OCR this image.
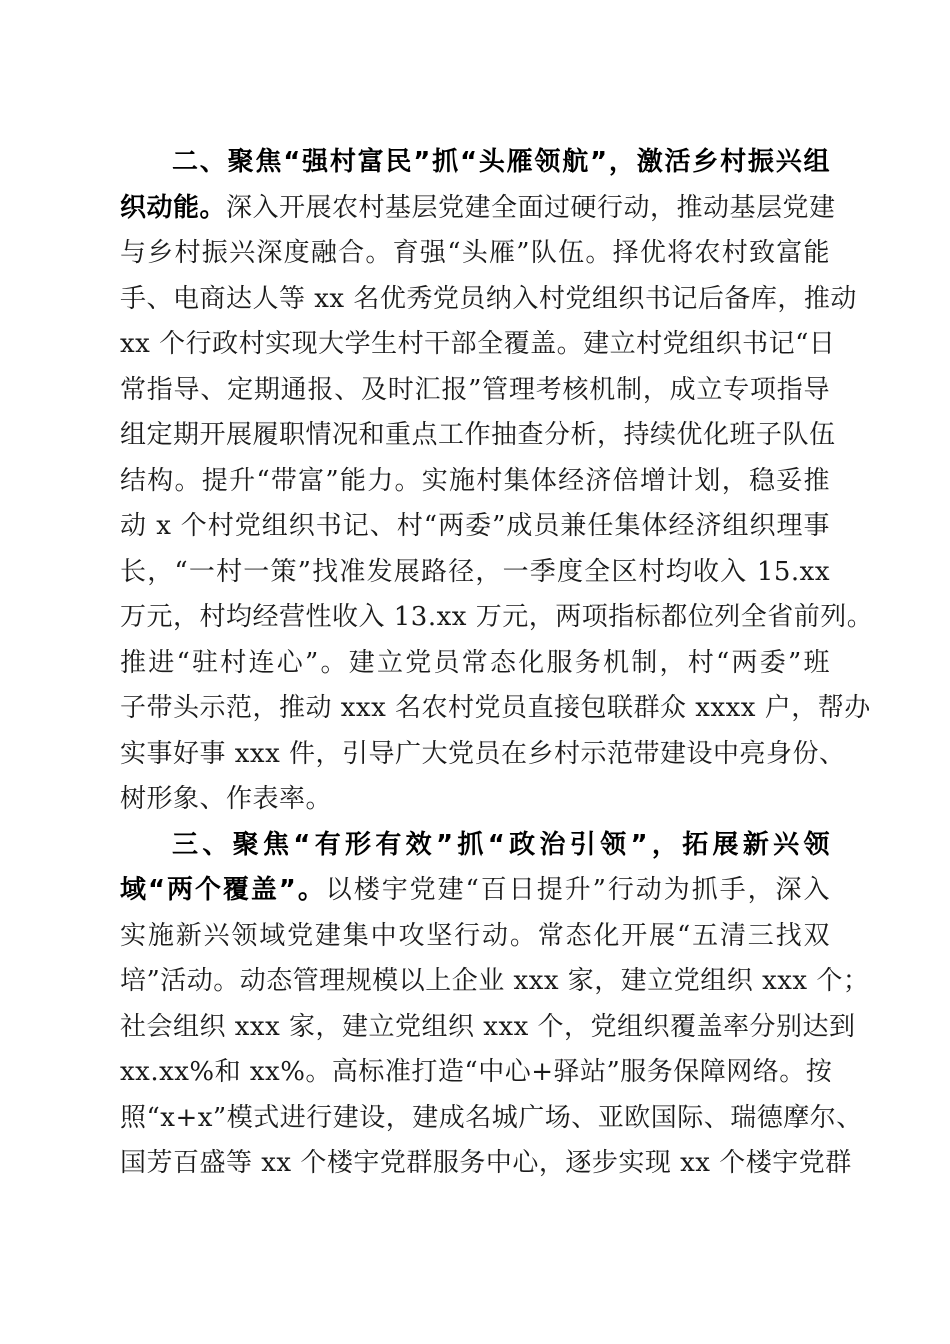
二、聚焦“强村富民”抓“头雁领航”，激活乡村振兴组
织动能。深入开展农村基层党建全面过硬行动，推动基层党建
与乡村振兴深度融合。育强“头雁”队伍。择优将农村致富能
手、电商达人等 xx 名优秀党员纳入村党组织书记后备库，推动
xx 个行政村实现大学生村干部全覆盖。建立村党组织书记“日
常指导、定期通报、及时汇报”管理考核机制，成立专项指导
组定期开展履职情况和重点工作抽查分析，持续优化班子队伍
结构。提升“带富”能力。实施村集体经济倍增计划，稳妥推
动 x 个村党组织书记、村“两委”成员兼任集体经济组织理事
长，“一村一策”找准发展路径，一季度全区村均收入 15.xx
万元，村均经营性收入 13.xx 万元，两项指标都位列全省前列。
推进“驻村连心”。建立党员常态化服务机制，村“两委”班
子带头示范，推动 xxx 名农村党员直接包联群众 xxxx 户，帮办
实事好事 xxx 件，引导广大党员在乡村示范带建设中亮身份、
树形象、作表率。
三、聚焦“有形有效”抓“政治引领”，拓展新兴领
域“两个覆盖”。以楼宇党建“百日提升”行动为抓手，深入
实施新兴领域党建集中攻坚行动。常态化开展“五清三找双
培”活动。动态管理规模以上企业 xxx 家，建立党组织 xxx 个；
社会组织 xxx 家，建立党组织 xxx 个，党组织覆盖率分别达到
xx.xx%和 xx%。高标准打造“中心+驿站”服务保障网络。按
照“x+x”模式进行建设，建成名城广场、亚欧国际、瑞德摩尔、
国芳百盛等 xx 个楼宇党群服务中心，逐步实现 xx 个楼宇党群
